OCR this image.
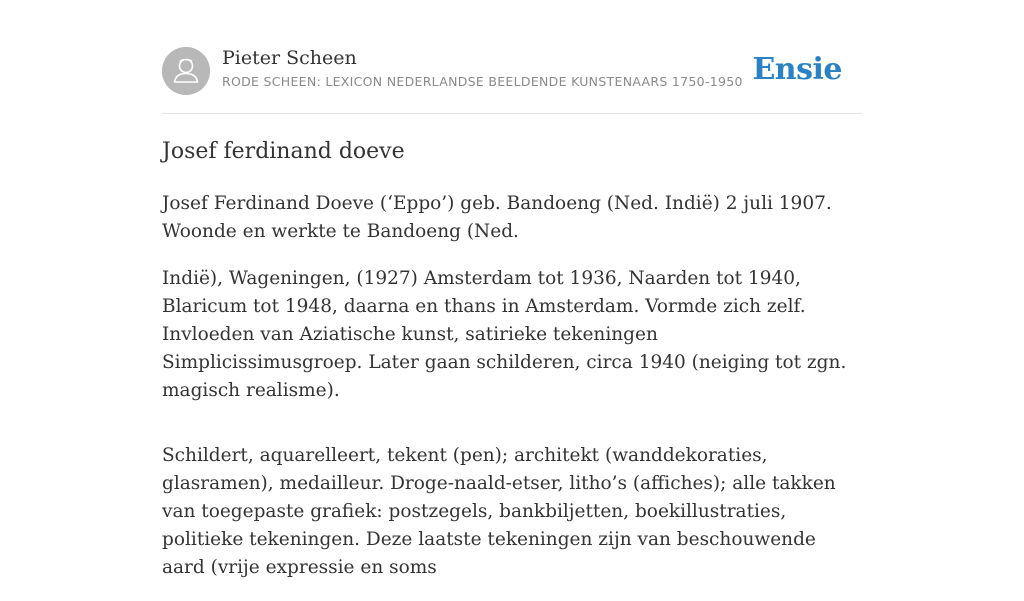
Pieter Scheen
RODE SCHEEN: LEXICON NEDERLANDSE BEELDENDE KUNSTENAARS 1750-1950 Ensie
Josef ferdinand doeve

Josef Ferdinand Doeve (‘Eppo’) geb. Bandoeng (Ned. Indië) 2 juli 1907. Woonde en werkte te Bandoeng (Ned.

Indië), Wageningen, (1927) Amsterdam tot 1936, Naarden tot 1940, Blaricum tot 1948, daarna en thans in Amsterdam. Vormde zich zelf. Invloeden van Aziatische kunst, satirieke tekeningen Simplicissimusgroep. Later gaan schilderen, circa 1940 (neiging tot zgn. magisch realisme).

Schildert, aquarelleert, tekent (pen); architekt (wanddekoraties, glasramen), medailleur. Droge-naald-etser, litho’s (affiches); alle takken van toegepaste grafiek: postzegels, bankbiljetten, boekillustraties, politieke tekeningen. Deze laatste tekeningen zijn van beschouwende aard (vrije expressie en soms
